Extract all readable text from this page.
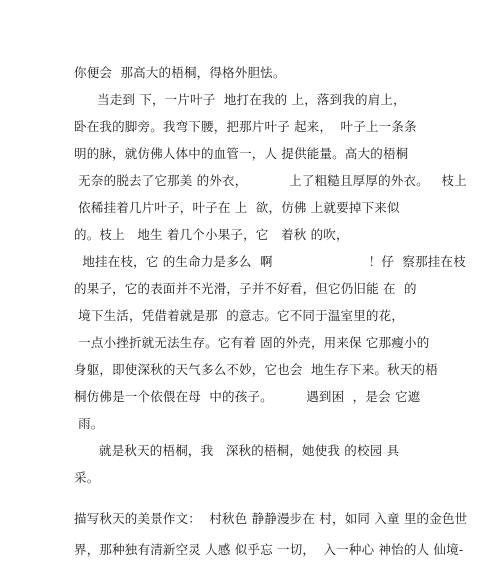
你便会  那高大的梧桐，得格外胆怯。
当走到 下，一片叶子  地打在我的 上，落到我的肩上，
卧在我的脚旁。我弯下腰，把那片叶子 起来，  叶子上一条条
明的脉，就仿佛人体中的血管一，人 提供能量。高大的梧桐
无奈的脱去了它那美 的外衣，          上了粗糙且厚厚的外衣。   枝上
依稀挂着几片叶子，叶子在 上  欲，仿佛 上就要掉下来似
的。枝上   地生 着几个小果子，它   着秋 的吹，
地挂在枝，它 的生命力是多么  啊                       ！仔  察那挂在枝
的果子，它的表面并不光滑，子并不好看，但它仍旧能 在  的
境下生活，凭借着就是那  的意志。它不同于温室里的花，
一点小挫折就无法生存。它有着 固的外壳，用来保 它那瘦小的
身躯，即使深秋的天气多么不妙，它也会  地生存下来。秋天的梧
桐仿佛是一个依偎在母  中的孩子。        遇到困  ，是会 它遮
雨。
就是秋天的梧桐，我   深秋的梧桐，她使我 的校园 具
采。
描写秋天的美景作文：  村秋色 静静漫步在 村，如同 入童 里的金色世
界，那种独有清新空灵 人感 似乎忘 一切，  入一种心 神怡的人 仙境-
